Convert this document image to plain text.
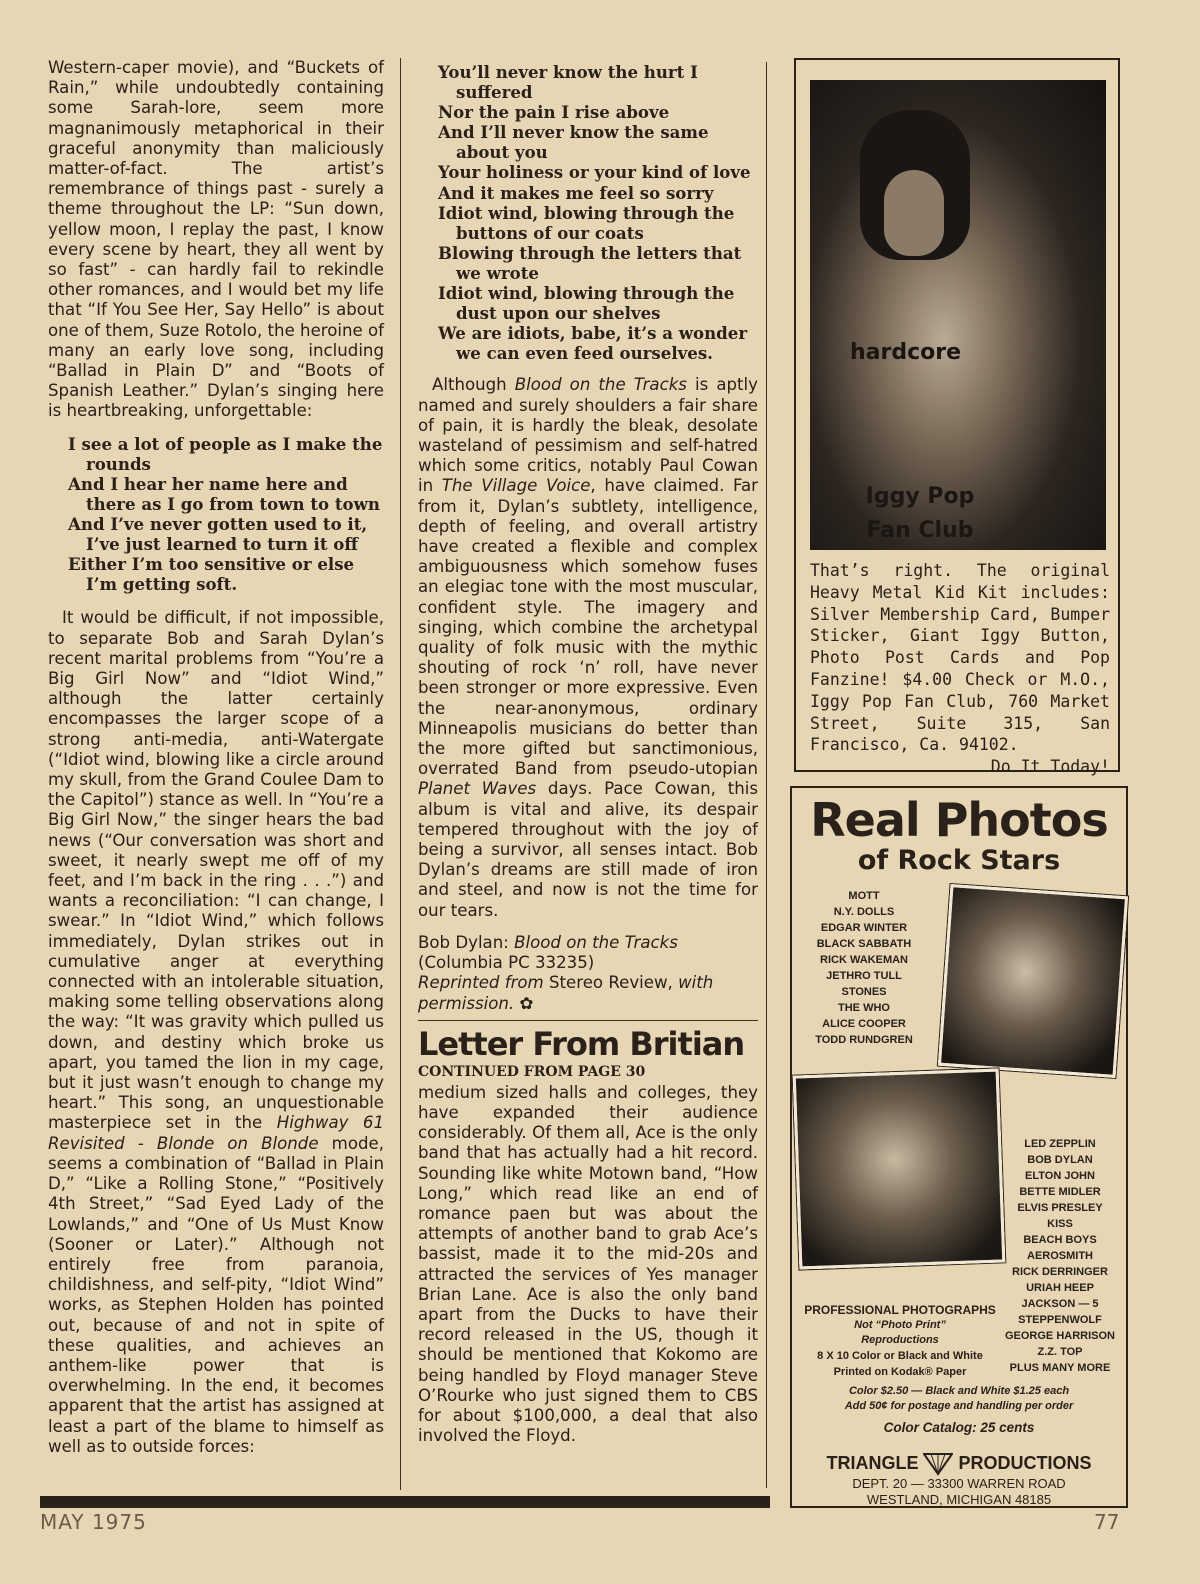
Western-caper movie), and “Buckets of Rain,” while undoubtedly containing some Sarah-lore, seem more magnanimously metaphorical in their graceful anonymity than maliciously matter-of-fact. The artist’s remembrance of things past - surely a theme throughout the LP: “Sun down, yellow moon, I replay the past, I know every scene by heart, they all went by so fast” - can hardly fail to rekindle other romances, and I would bet my life that “If You See Her, Say Hello” is about one of them, Suze Rotolo, the heroine of many an early love song, including “Ballad in Plain D” and “Boots of Spanish Leather.” Dylan’s singing here is heartbreaking, unforgettable:

I see a lot of people as I make the rounds
And I hear her name here and there as I go from town to town
And I’ve never gotten used to it, I’ve just learned to turn it off
Either I’m too sensitive or else I’m getting soft.

It would be difficult, if not impossible, to separate Bob and Sarah Dylan’s recent marital problems from “You’re a Big Girl Now” and “Idiot Wind,” although the latter certainly encompasses the larger scope of a strong anti-media, anti-Watergate (“Idiot wind, blowing like a circle around my skull, from the Grand Coulee Dam to the Capitol”) stance as well. In “You’re a Big Girl Now,” the singer hears the bad news (“Our conversation was short and sweet, it nearly swept me off of my feet, and I’m back in the ring . . .”) and wants a reconciliation: “I can change, I swear.” In “Idiot Wind,” which follows immediately, Dylan strikes out in cumulative anger at everything connected with an intolerable situation, making some telling observations along the way: “It was gravity which pulled us down, and destiny which broke us apart, you tamed the lion in my cage, but it just wasn’t enough to change my heart.” This song, an unquestionable masterpiece set in the Highway 61 Revisited - Blonde on Blonde mode, seems a combination of “Ballad in Plain D,” “Like a Rolling Stone,” “Positively 4th Street,” “Sad Eyed Lady of the Lowlands,” and “One of Us Must Know (Sooner or Later).” Although not entirely free from paranoia, childishness, and self-pity, “Idiot Wind” works, as Stephen Holden has pointed out, because of and not in spite of these qualities, and achieves an anthem-like power that is overwhelming. In the end, it becomes apparent that the artist has assigned at least a part of the blame to himself as well as to outside forces:

You’ll never know the hurt I suffered
Nor the pain I rise above
And I’ll never know the same about you
Your holiness or your kind of love
And it makes me feel so sorry
Idiot wind, blowing through the buttons of our coats
Blowing through the letters that we wrote
Idiot wind, blowing through the dust upon our shelves
We are idiots, babe, it’s a wonder we can even feed ourselves.

Although Blood on the Tracks is aptly named and surely shoulders a fair share of pain, it is hardly the bleak, desolate wasteland of pessimism and self-hatred which some critics, notably Paul Cowan in The Village Voice, have claimed. Far from it, Dylan’s subtlety, intelligence, depth of feeling, and overall artistry have created a flexible and complex ambiguousness which somehow fuses an elegiac tone with the most muscular, confident style. The imagery and singing, which combine the archetypal quality of folk music with the mythic shouting of rock ‘n’ roll, have never been stronger or more expressive. Even the near-anonymous, ordinary Minneapolis musicians do better than the more gifted but sanctimonious, overrated Band from pseudo-utopian Planet Waves days. Pace Cowan, this album is vital and alive, its despair tempered throughout with the joy of being a survivor, all senses intact. Bob Dylan’s dreams are still made of iron and steel, and now is not the time for our tears.

Bob Dylan: Blood on the Tracks (Columbia PC 33235)
Reprinted from Stereo Review, with permission. ✿

Letter From Britian
CONTINUED FROM PAGE 30

medium sized halls and colleges, they have expanded their audience considerably. Of them all, Ace is the only band that has actually had a hit record. Sounding like white Motown band, “How Long,” which read like an end of romance paen but was about the attempts of another band to grab Ace’s bassist, made it to the mid-20s and attracted the services of Yes manager Brian Lane. Ace is also the only band apart from the Ducks to have their record released in the US, though it should be mentioned that Kokomo are being handled by Floyd manager Steve O’Rourke who just signed them to CBS for about $100,000, a deal that also involved the Floyd.

hardcore
Iggy Pop
Fan Club
That’s right. The original Heavy Metal Kid Kit includes: Silver Membership Card, Bumper Sticker, Giant Iggy Button, Photo Post Cards and Pop Fanzine! $4.00 Check or M.O., Iggy Pop Fan Club, 760 Market Street, Suite 315, San Francisco, Ca. 94102.
Do It Today!
Real Photos
of Rock Stars
MOTT
N.Y. DOLLS
EDGAR WINTER
BLACK SABBATH
RICK WAKEMAN
JETHRO TULL
STONES
THE WHO
ALICE COOPER
TODD RUNDGREN
LED ZEPPLIN
BOB DYLAN
ELTON JOHN
BETTE MIDLER
ELVIS PRESLEY
KISS
BEACH BOYS
AEROSMITH
RICK DERRINGER
URIAH HEEP
JACKSON — 5
STEPPENWOLF
GEORGE HARRISON
Z.Z. TOP
PLUS MANY MORE
PROFESSIONAL PHOTOGRAPHS
Not “Photo Print”
Reproductions
8 X 10 Color or Black and White
Printed on Kodak® Paper
Color $2.50 — Black and White $1.25 each
Add 50¢ for postage and handling per order
Color Catalog: 25 cents
TRIANGLE PRODUCTIONS
DEPT. 20 — 33300 WARREN ROAD
WESTLAND, MICHIGAN 48185
MAY 1975	77
